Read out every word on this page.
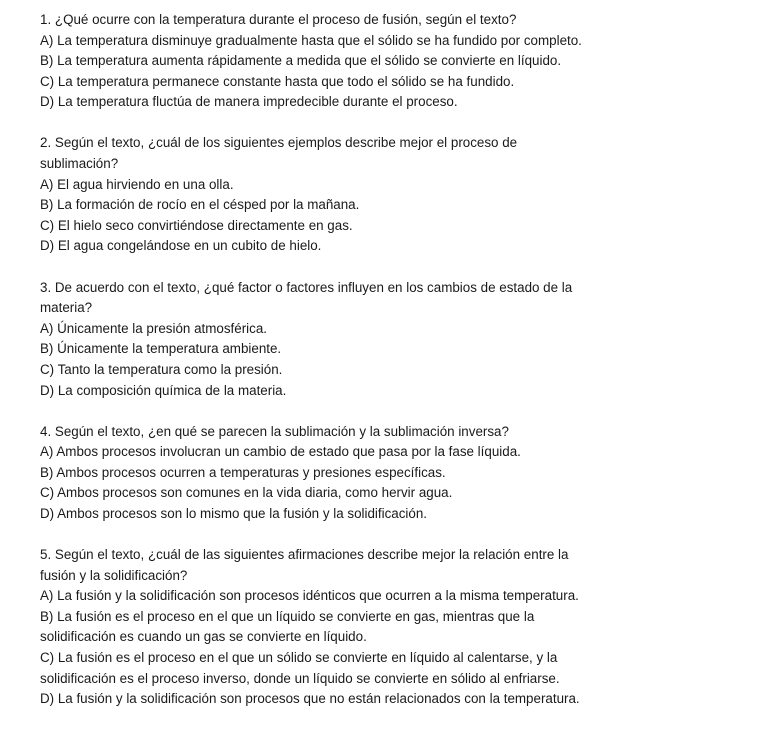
1. ¿Qué ocurre con la temperatura durante el proceso de fusión, según el texto?
A) La temperatura disminuye gradualmente hasta que el sólido se ha fundido por completo.
B) La temperatura aumenta rápidamente a medida que el sólido se convierte en líquido.
C) La temperatura permanece constante hasta que todo el sólido se ha fundido.
D) La temperatura fluctúa de manera impredecible durante el proceso.
2. Según el texto, ¿cuál de los siguientes ejemplos describe mejor el proceso de
sublimación?
A) El agua hirviendo en una olla.
B) La formación de rocío en el césped por la mañana.
C) El hielo seco convirtiéndose directamente en gas.
D) El agua congelándose en un cubito de hielo.
3. De acuerdo con el texto, ¿qué factor o factores influyen en los cambios de estado de la
materia?
A) Únicamente la presión atmosférica.
B) Únicamente la temperatura ambiente.
C) Tanto la temperatura como la presión.
D) La composición química de la materia.
4. Según el texto, ¿en qué se parecen la sublimación y la sublimación inversa?
A) Ambos procesos involucran un cambio de estado que pasa por la fase líquida.
B) Ambos procesos ocurren a temperaturas y presiones específicas.
C) Ambos procesos son comunes en la vida diaria, como hervir agua.
D) Ambos procesos son lo mismo que la fusión y la solidificación.
5. Según el texto, ¿cuál de las siguientes afirmaciones describe mejor la relación entre la
fusión y la solidificación?
A) La fusión y la solidificación son procesos idénticos que ocurren a la misma temperatura.
B) La fusión es el proceso en el que un líquido se convierte en gas, mientras que la
solidificación es cuando un gas se convierte en líquido.
C) La fusión es el proceso en el que un sólido se convierte en líquido al calentarse, y la
solidificación es el proceso inverso, donde un líquido se convierte en sólido al enfriarse.
D) La fusión y la solidificación son procesos que no están relacionados con la temperatura.
